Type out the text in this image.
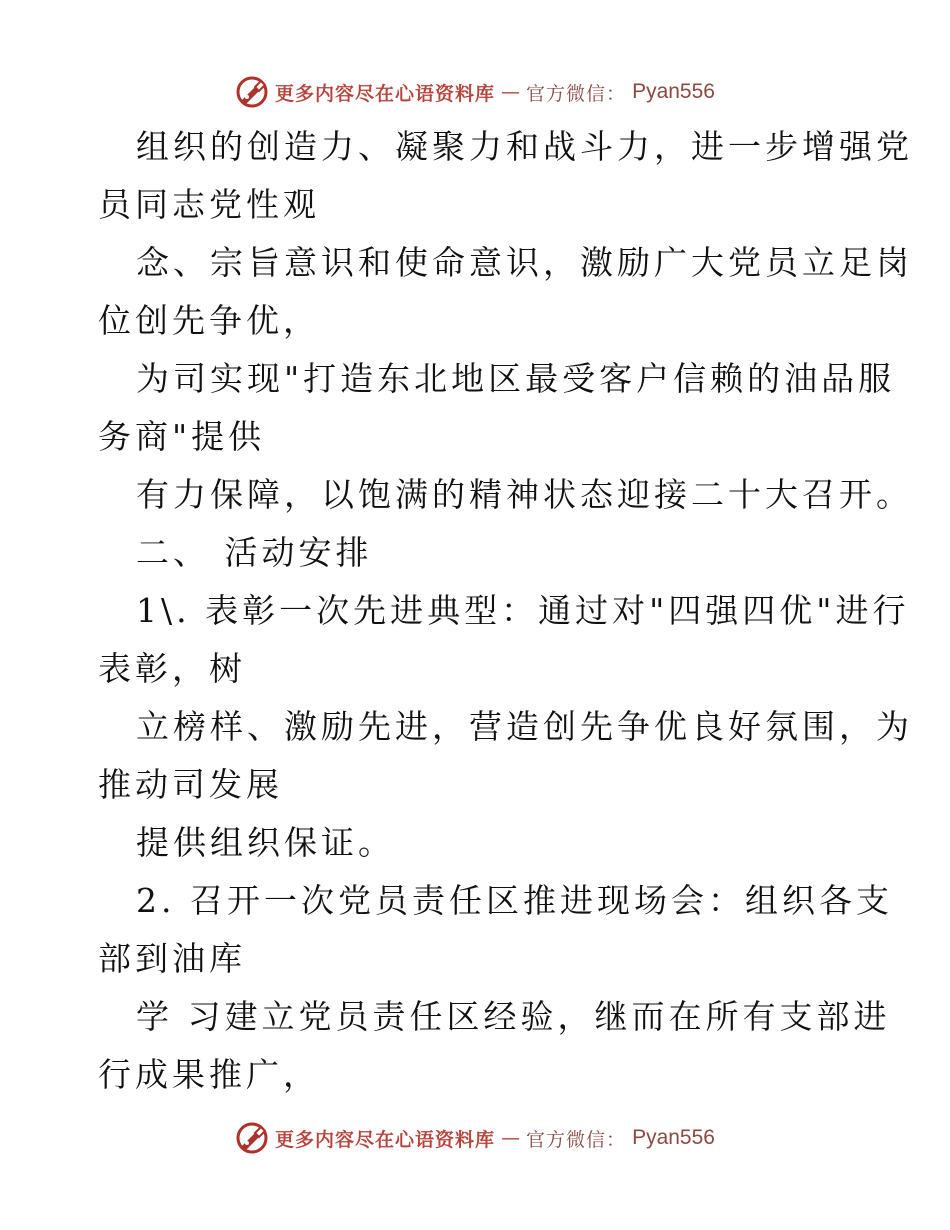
更多内容尽在心语资料库 — 官方微信： Pyan556
组织的创造力、凝聚力和战斗力，进一步增强党
员同志党性观
念、宗旨意识和使命意识，激励广大党员立足岗
位创先争优，
为司实现"打造东北地区最受客户信赖的油品服
务商"提供
有力保障，以饱满的精神状态迎接二十大召开。
二、 活动安排
1\. 表彰一次先进典型：通过对"四强四优"进行
表彰，树
立榜样、激励先进，营造创先争优良好氛围，为
推动司发展
提供组织保证。
2. 召开一次党员责任区推进现场会：组织各支
部到油库
学 习建立党员责任区经验，继而在所有支部进
行成果推广，
更多内容尽在心语资料库 — 官方微信： Pyan556
